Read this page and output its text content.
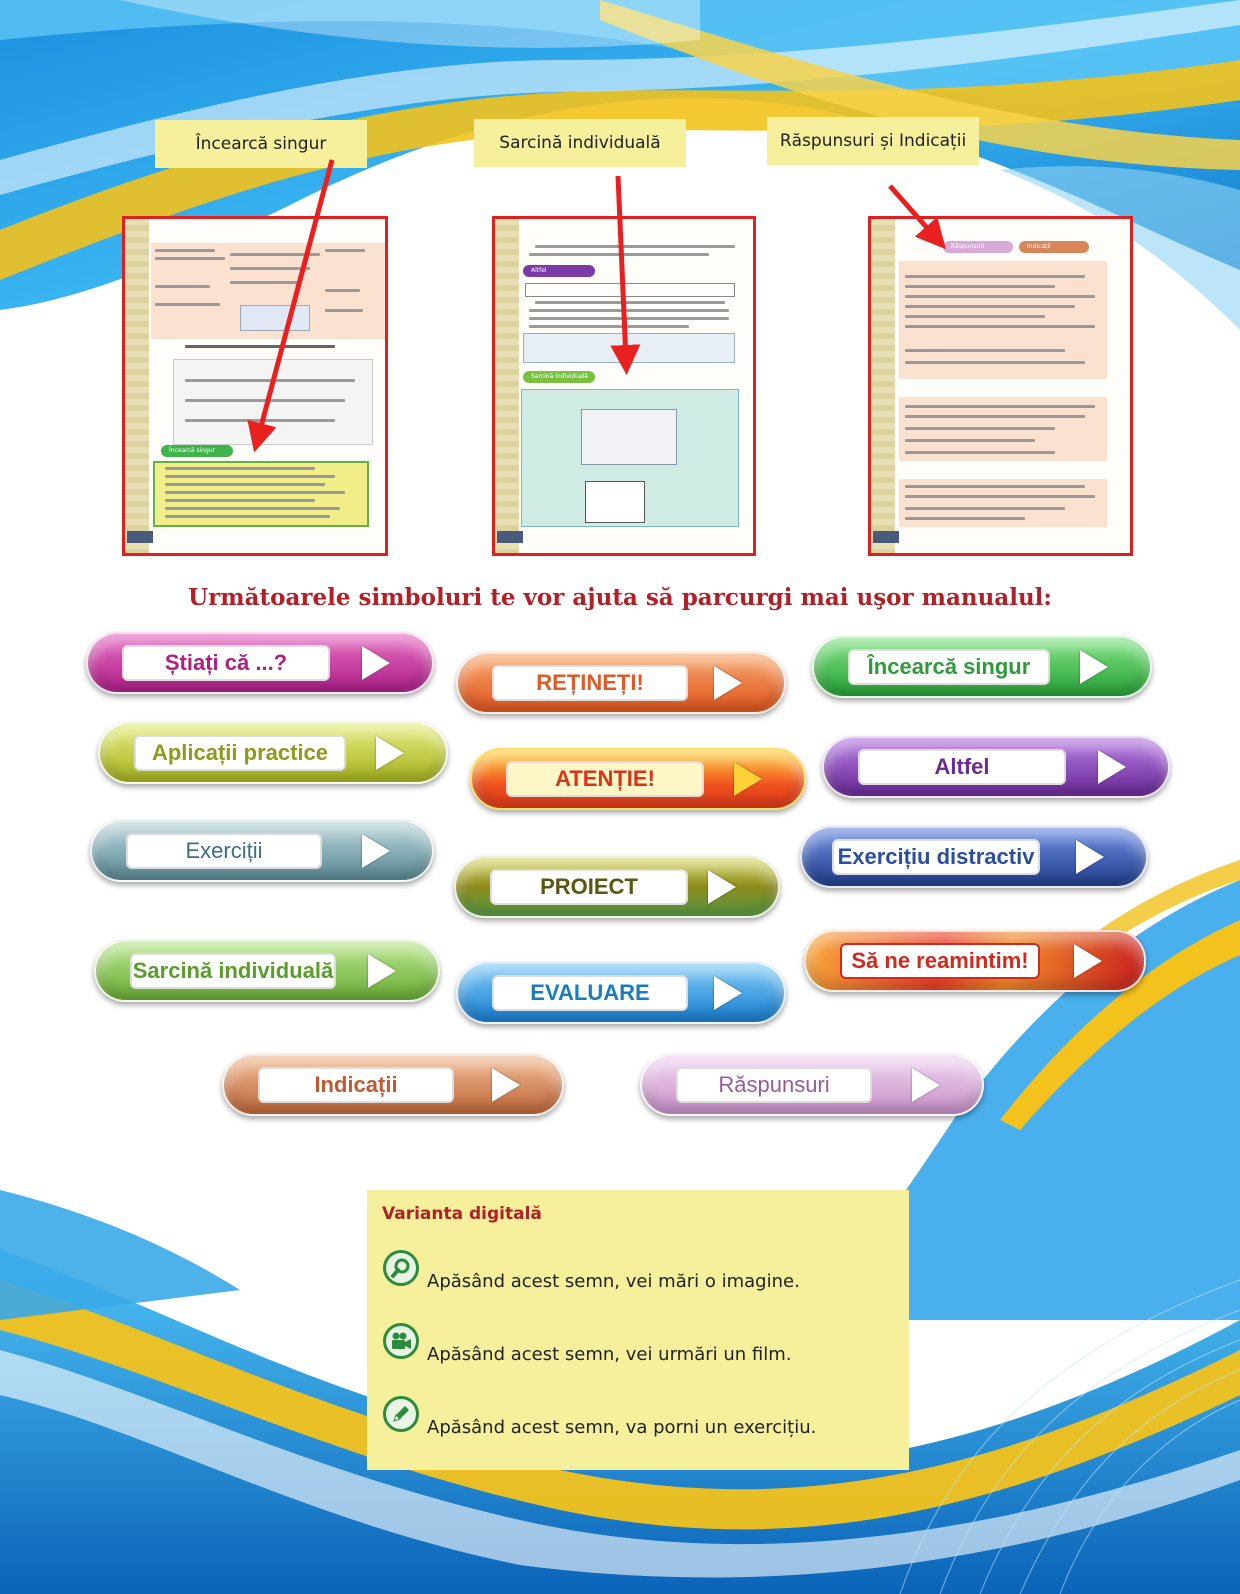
Încearcă singur	Sarcină individuală	Răspunsuri și Indicații
Încearcă singur
Altfel
Sarcină individuală
Răspunsuri	Indicații
Următoarele simboluri te vor ajuta să parcurgi mai uşor manualul:
Știați că ...?
REȚINEȚI!
Încearcă singur
Aplicații practice
ATENȚIE!	Altfel
Exerciții
PROIECT
Exercițiu distractiv
Sarcină individuală
EVALUARE
Să ne reamintim!
Indicații	Răspunsuri
Varianta digitală
Apăsând acest semn, vei mări o imagine.
Apăsând acest semn, vei urmări un film.
Apăsând acest semn, va porni un exercițiu.
